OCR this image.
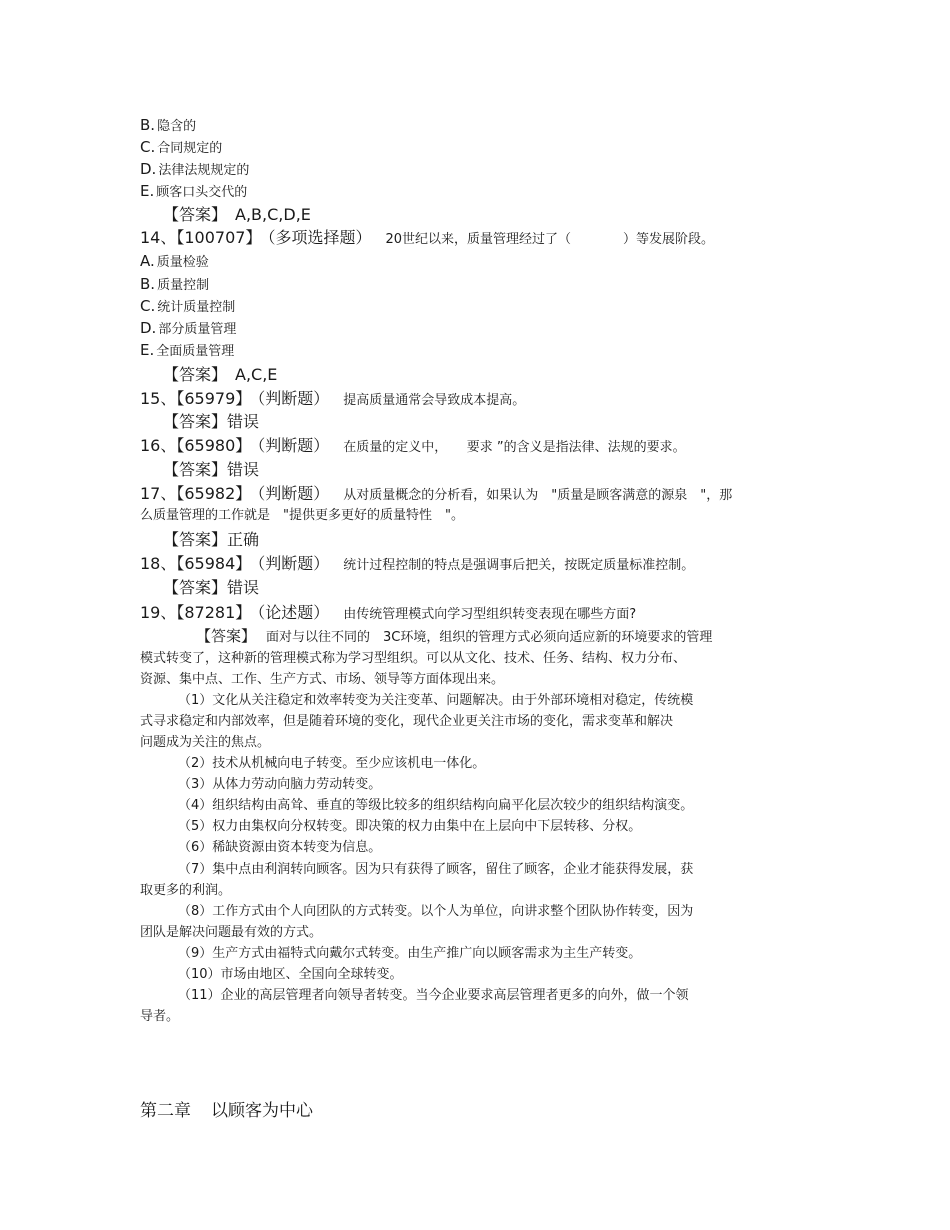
B. 隐含的
C. 合同规定的
D. 法律法规规定的
E. 顾客口头交代的
【答案】 A,B,C,D,E
14、【100707】 （多项选择题） 20世纪以来，质量管理经过了（　　　　）等发展阶段。
A. 质量检验
B. 质量控制
C. 统计质量控制
D. 部分质量管理
E. 全面质量管理
【答案】 A,C,E
15、【65979】 （判断题） 提高质量通常会导致成本提高。
【答案】错误
16、【65980】 （判断题） 在质量的定义中，　　要求 ”的含义是指法律、法规的要求。
【答案】错误
17、【65982】 （判断题） 从对质量概念的分析看，如果认为　"质量是顾客满意的源泉　"，那
么质量管理的工作就是　"提供更多更好的质量特性　"。
【答案】正确
18、【65984】 （判断题） 统计过程控制的特点是强调事后把关，按既定质量标准控制。
【答案】错误
19、【87281】 （论述题） 由传统管理模式向学习型组织转变表现在哪些方面?
【答案】 面对与以往不同的　3C环境，组织的管理方式必须向适应新的环境要求的管理
模式转变了，这种新的管理模式称为学习型组织。可以从文化、技术、任务、结构、权力分布、
资源、集中点、工作、生产方式、市场、领导等方面体现出来。
（1）文化从关注稳定和效率转变为关注变革、问题解决。由于外部环境相对稳定，传统模
式寻求稳定和内部效率，但是随着环境的变化，现代企业更关注市场的变化，需求变革和解决
问题成为关注的焦点。
（2）技术从机械向电子转变。至少应该机电一体化。
（3）从体力劳动向脑力劳动转变。
（4）组织结构由高耸、垂直的等级比较多的组织结构向扁平化层次较少的组织结构演变。
（5）权力由集权向分权转变。即决策的权力由集中在上层向中下层转移、分权。
（6）稀缺资源由资本转变为信息。
（7）集中点由利润转向顾客。因为只有获得了顾客，留住了顾客，企业才能获得发展，获
取更多的利润。
（8）工作方式由个人向团队的方式转变。以个人为单位，向讲求整个团队协作转变，因为
团队是解决问题最有效的方式。
（9）生产方式由福特式向戴尔式转变。由生产推广向以顾客需求为主生产转变。
（10）市场由地区、全国向全球转变。
（11）企业的高层管理者向领导者转变。当今企业要求高层管理者更多的向外，做一个领
导者。
第二章 以顾客为中心
